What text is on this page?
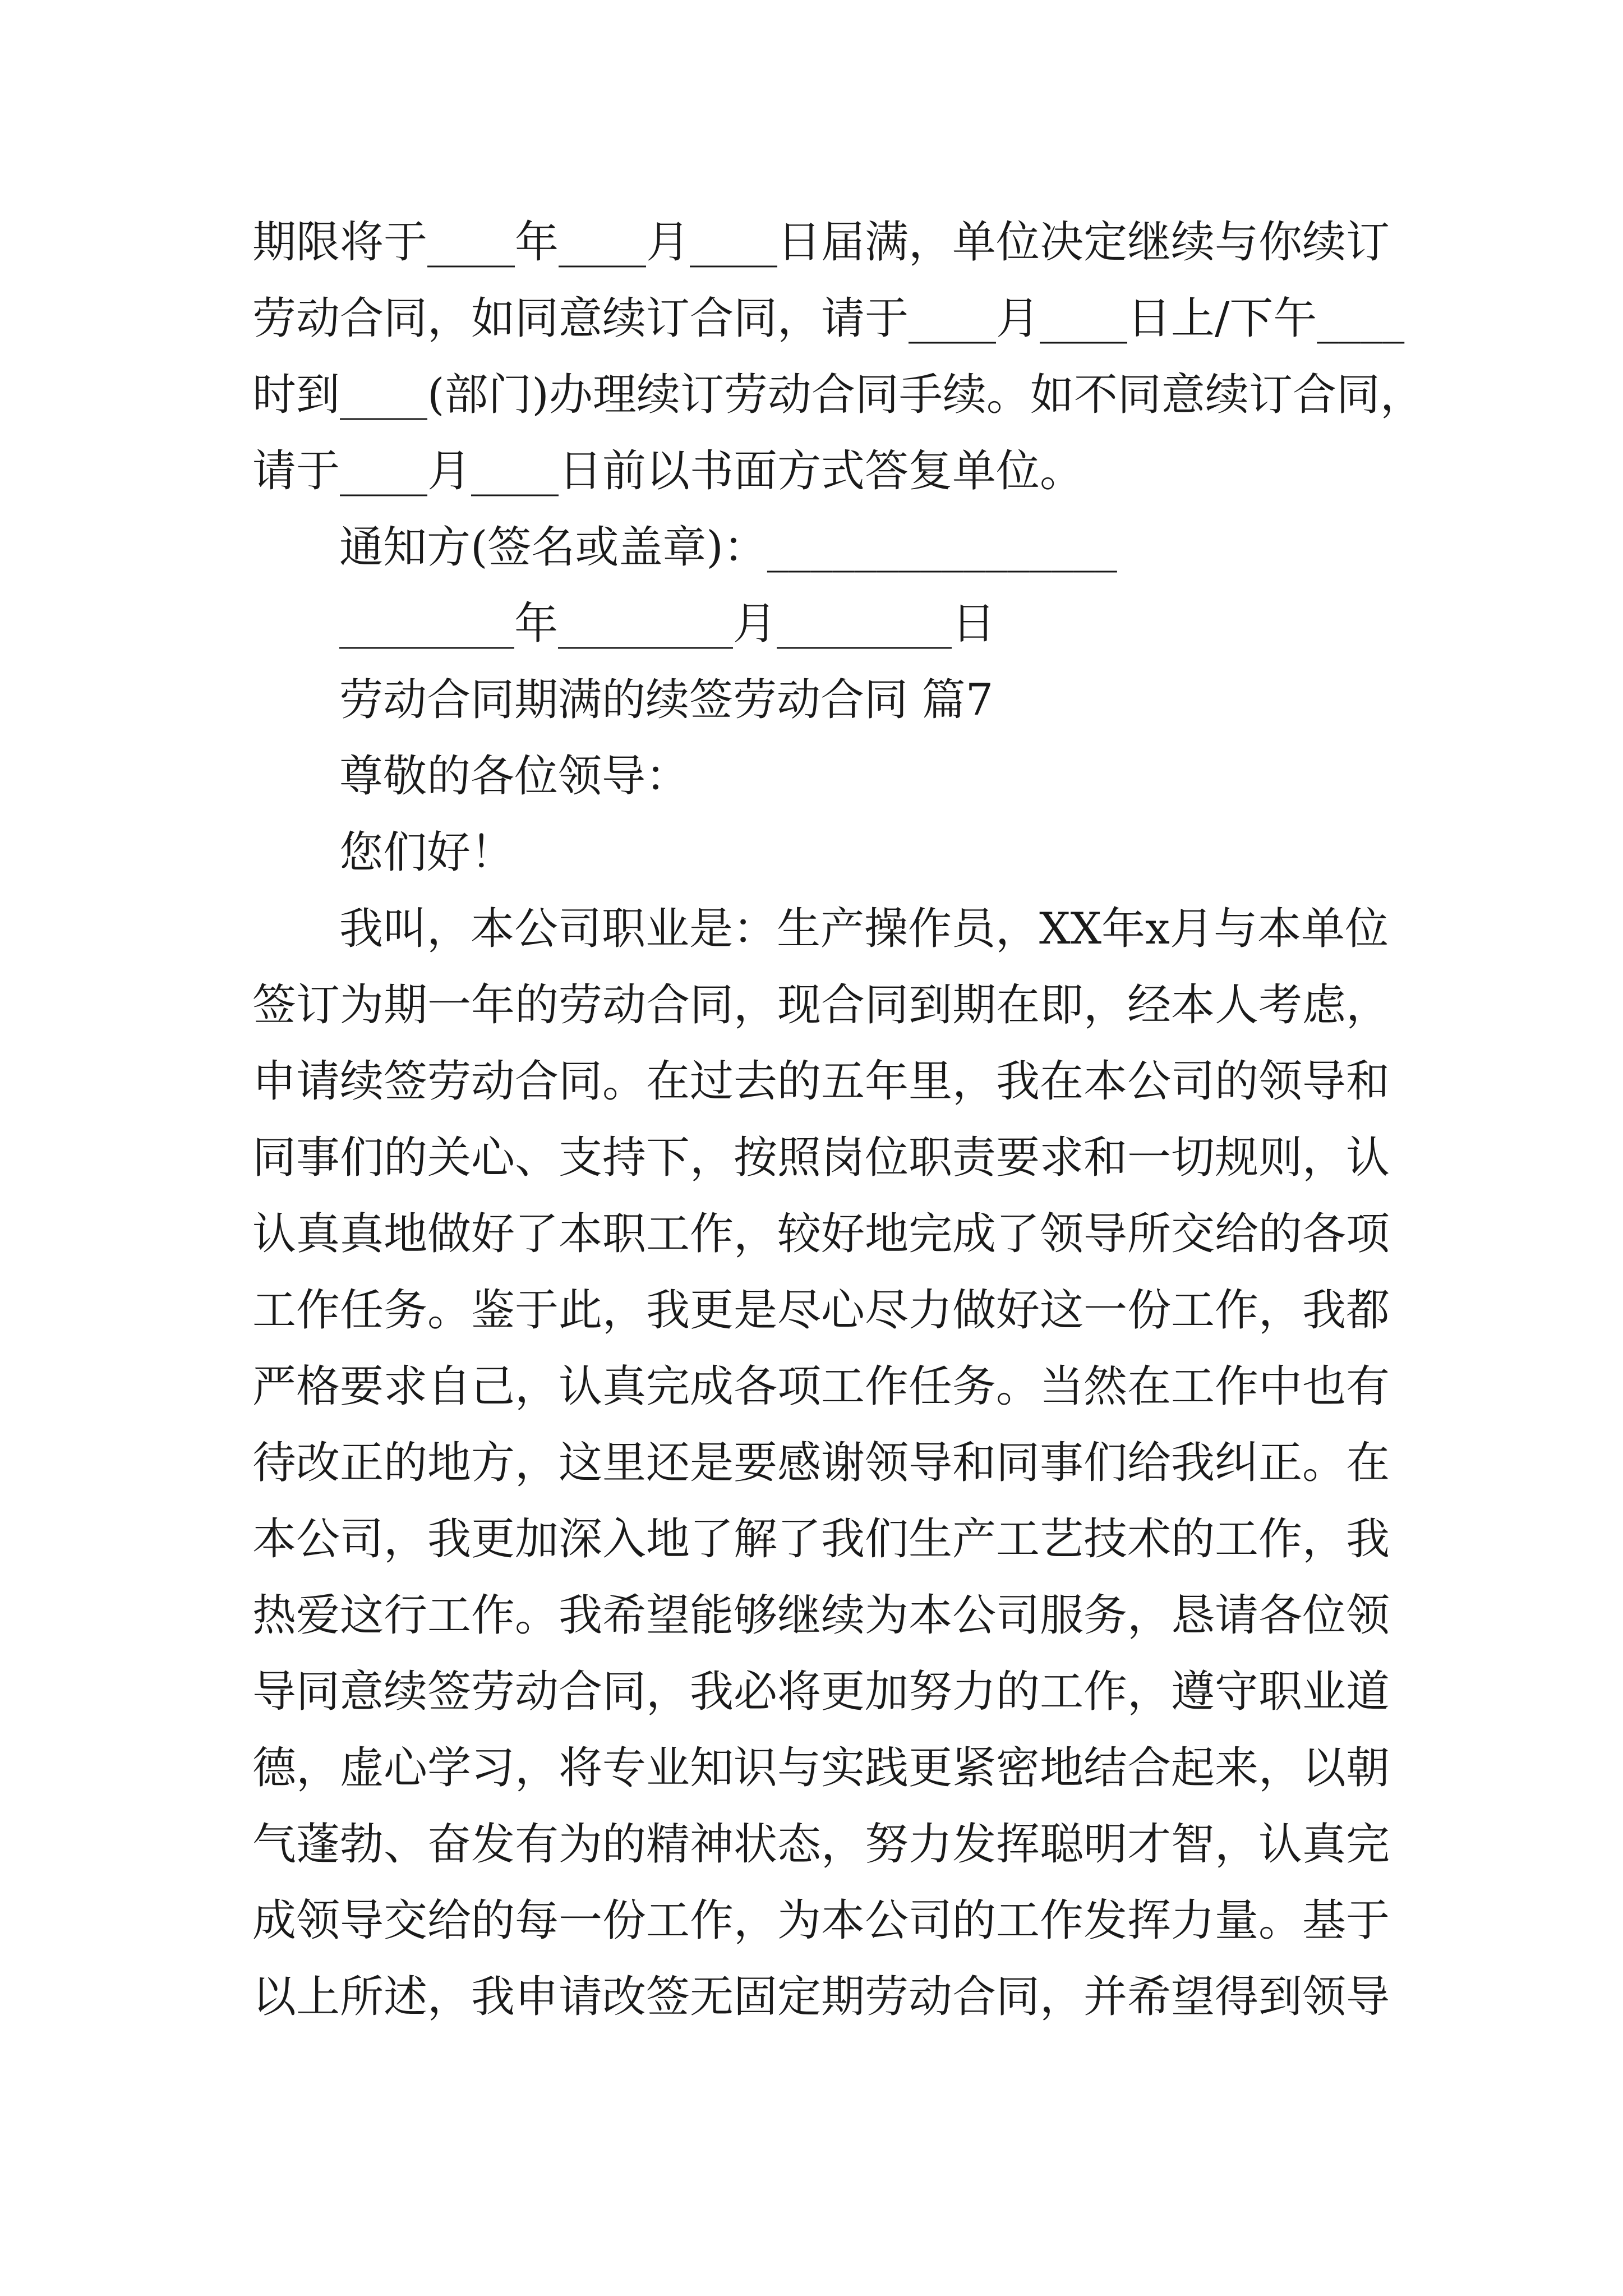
期限将于____年____月____日届满，单位决定继续与你续订
劳动合同，如同意续订合同，请于____月____日上/下午____
时到____(部门)办理续订劳动合同手续。如不同意续订合同，
请于____月____日前以书面方式答复单位。
通知方(签名或盖章)：________________
________年________月________日
劳动合同期满的续签劳动合同 篇7
尊敬的各位领导：
您们好！
我叫，本公司职业是：生产操作员，XX年x月与本单位
签订为期一年的劳动合同，现合同到期在即，经本人考虑，
申请续签劳动合同。在过去的五年里，我在本公司的领导和
同事们的关心、支持下，按照岗位职责要求和一切规则，认
认真真地做好了本职工作，较好地完成了领导所交给的各项
工作任务。鉴于此，我更是尽心尽力做好这一份工作，我都
严格要求自己，认真完成各项工作任务。当然在工作中也有
待改正的地方，这里还是要感谢领导和同事们给我纠正。在
本公司，我更加深入地了解了我们生产工艺技术的工作，我
热爱这行工作。我希望能够继续为本公司服务，恳请各位领
导同意续签劳动合同，我必将更加努力的工作，遵守职业道
德，虚心学习，将专业知识与实践更紧密地结合起来，以朝
气蓬勃、奋发有为的精神状态，努力发挥聪明才智，认真完
成领导交给的每一份工作，为本公司的工作发挥力量。基于
以上所述，我申请改签无固定期劳动合同，并希望得到领导
